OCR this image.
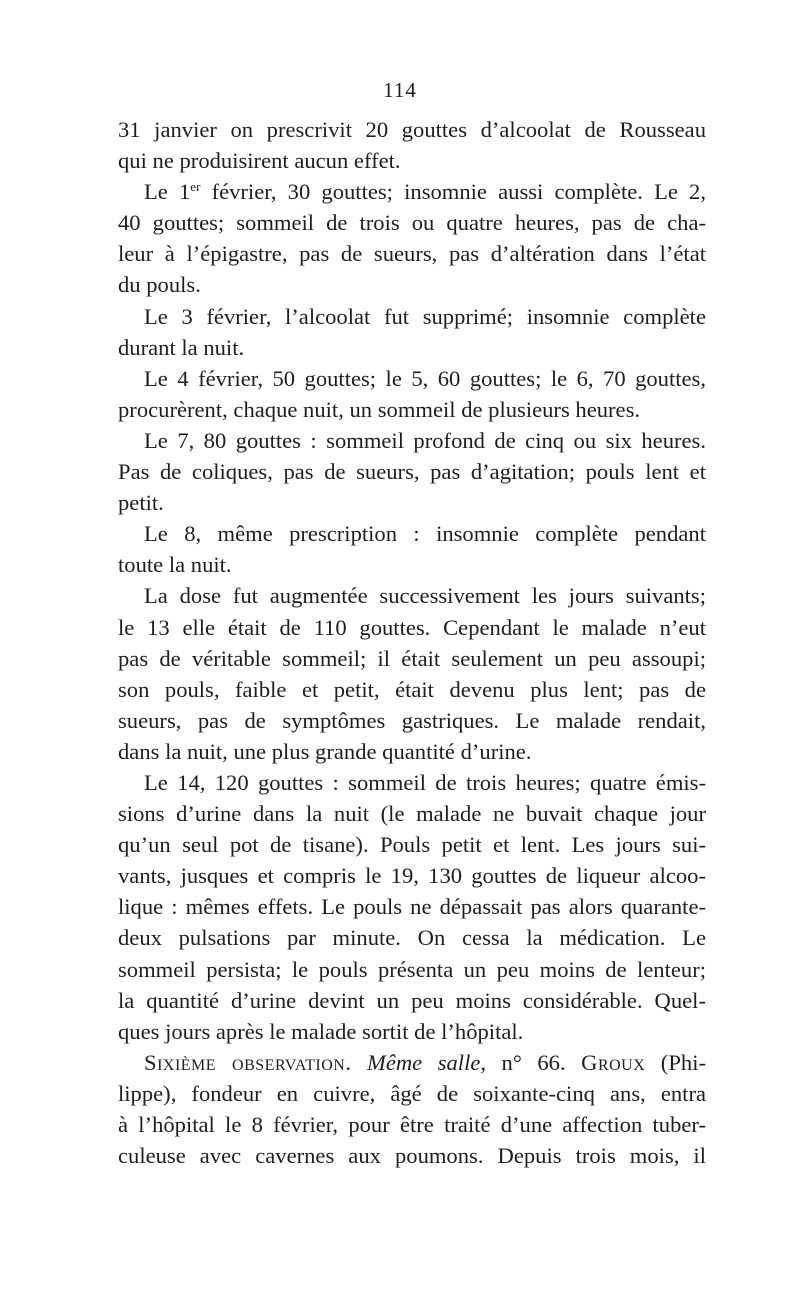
114

31 janvier on prescrivit 20 gouttes d’alcoolat de Rousseau
qui ne produisirent aucun effet.

Le 1er février, 30 gouttes; insomnie aussi complète. Le 2,
40 gouttes; sommeil de trois ou quatre heures, pas de cha-
leur à l’épigastre, pas de sueurs, pas d’altération dans l’état
du pouls.

Le 3 février, l’alcoolat fut supprimé; insomnie complète
durant la nuit.

Le 4 février, 50 gouttes; le 5, 60 gouttes; le 6, 70 gouttes,
procurèrent, chaque nuit, un sommeil de plusieurs heures.

Le 7, 80 gouttes : sommeil profond de cinq ou six heures.
Pas de coliques, pas de sueurs, pas d’agitation; pouls lent et
petit.

Le 8, même prescription : insomnie complète pendant
toute la nuit.

La dose fut augmentée successivement les jours suivants;
le 13 elle était de 110 gouttes. Cependant le malade n’eut
pas de véritable sommeil; il était seulement un peu assoupi;
son pouls, faible et petit, était devenu plus lent; pas de
sueurs, pas de symptômes gastriques. Le malade rendait,
dans la nuit, une plus grande quantité d’urine.

Le 14, 120 gouttes : sommeil de trois heures; quatre émis-
sions d’urine dans la nuit (le malade ne buvait chaque jour
qu’un seul pot de tisane). Pouls petit et lent. Les jours sui-
vants, jusques et compris le 19, 130 gouttes de liqueur alcoo-
lique : mêmes effets. Le pouls ne dépassait pas alors quarante-
deux pulsations par minute. On cessa la médication. Le
sommeil persista; le pouls présenta un peu moins de lenteur;
la quantité d’urine devint un peu moins considérable. Quel-
ques jours après le malade sortit de l’hôpital.

Sixième observation. Même salle, n° 66. Groux (Phi-
lippe), fondeur en cuivre, âgé de soixante-cinq ans, entra
à l’hôpital le 8 février, pour être traité d’une affection tuber-
culeuse avec cavernes aux poumons. Depuis trois mois, il
